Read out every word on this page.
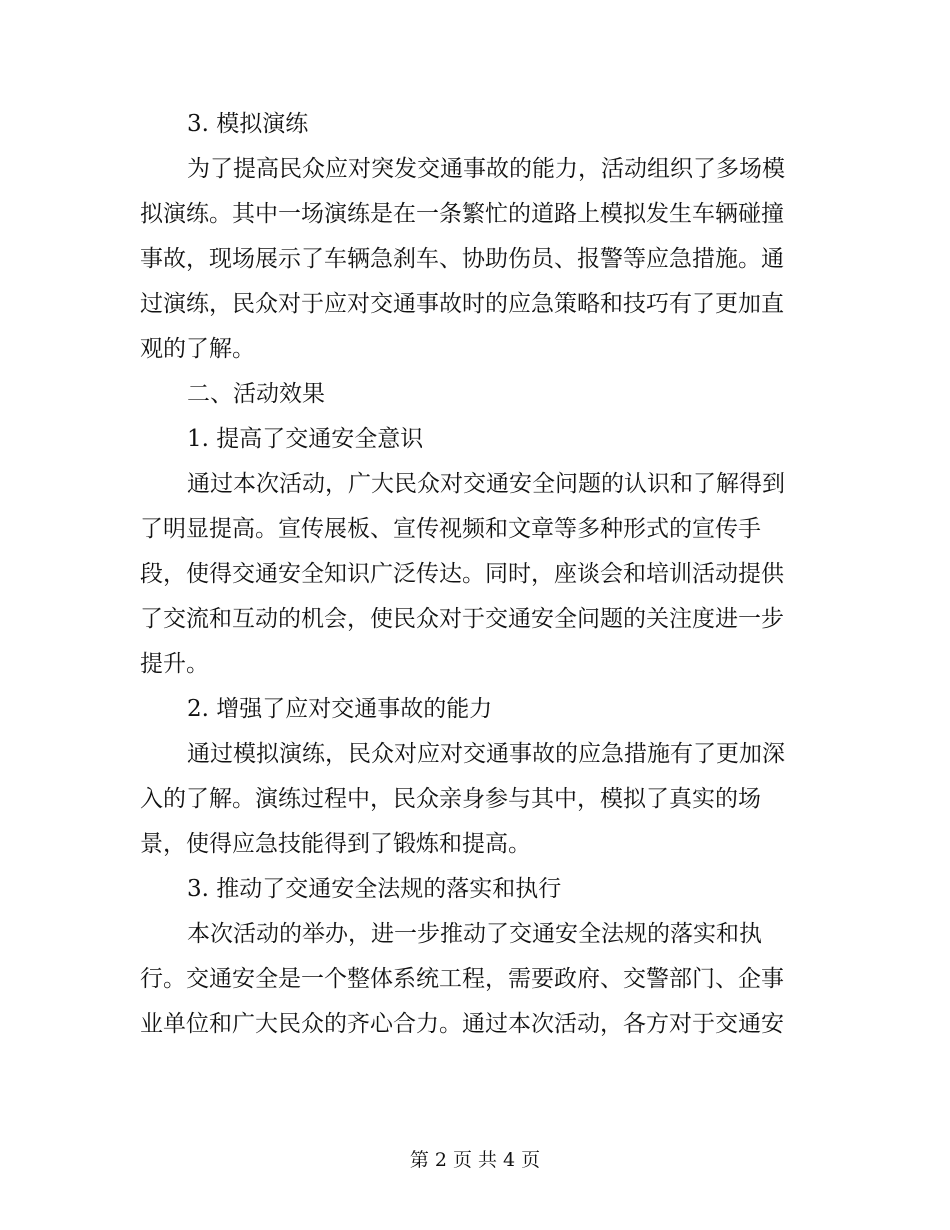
3. 模拟演练

为了提高民众应对突发交通事故的能力，活动组织了多场模

拟演练。其中一场演练是在一条繁忙的道路上模拟发生车辆碰撞

事故，现场展示了车辆急刹车、协助伤员、报警等应急措施。通

过演练，民众对于应对交通事故时的应急策略和技巧有了更加直

观的了解。

二、活动效果

1. 提高了交通安全意识

通过本次活动，广大民众对交通安全问题的认识和了解得到

了明显提高。宣传展板、宣传视频和文章等多种形式的宣传手

段，使得交通安全知识广泛传达。同时，座谈会和培训活动提供

了交流和互动的机会，使民众对于交通安全问题的关注度进一步

提升。

2. 增强了应对交通事故的能力

通过模拟演练，民众对应对交通事故的应急措施有了更加深

入的了解。演练过程中，民众亲身参与其中，模拟了真实的场

景，使得应急技能得到了锻炼和提高。

3. 推动了交通安全法规的落实和执行

本次活动的举办，进一步推动了交通安全法规的落实和执

行。交通安全是一个整体系统工程，需要政府、交警部门、企事

业单位和广大民众的齐心合力。通过本次活动，各方对于交通安

第 2 页 共 4 页
